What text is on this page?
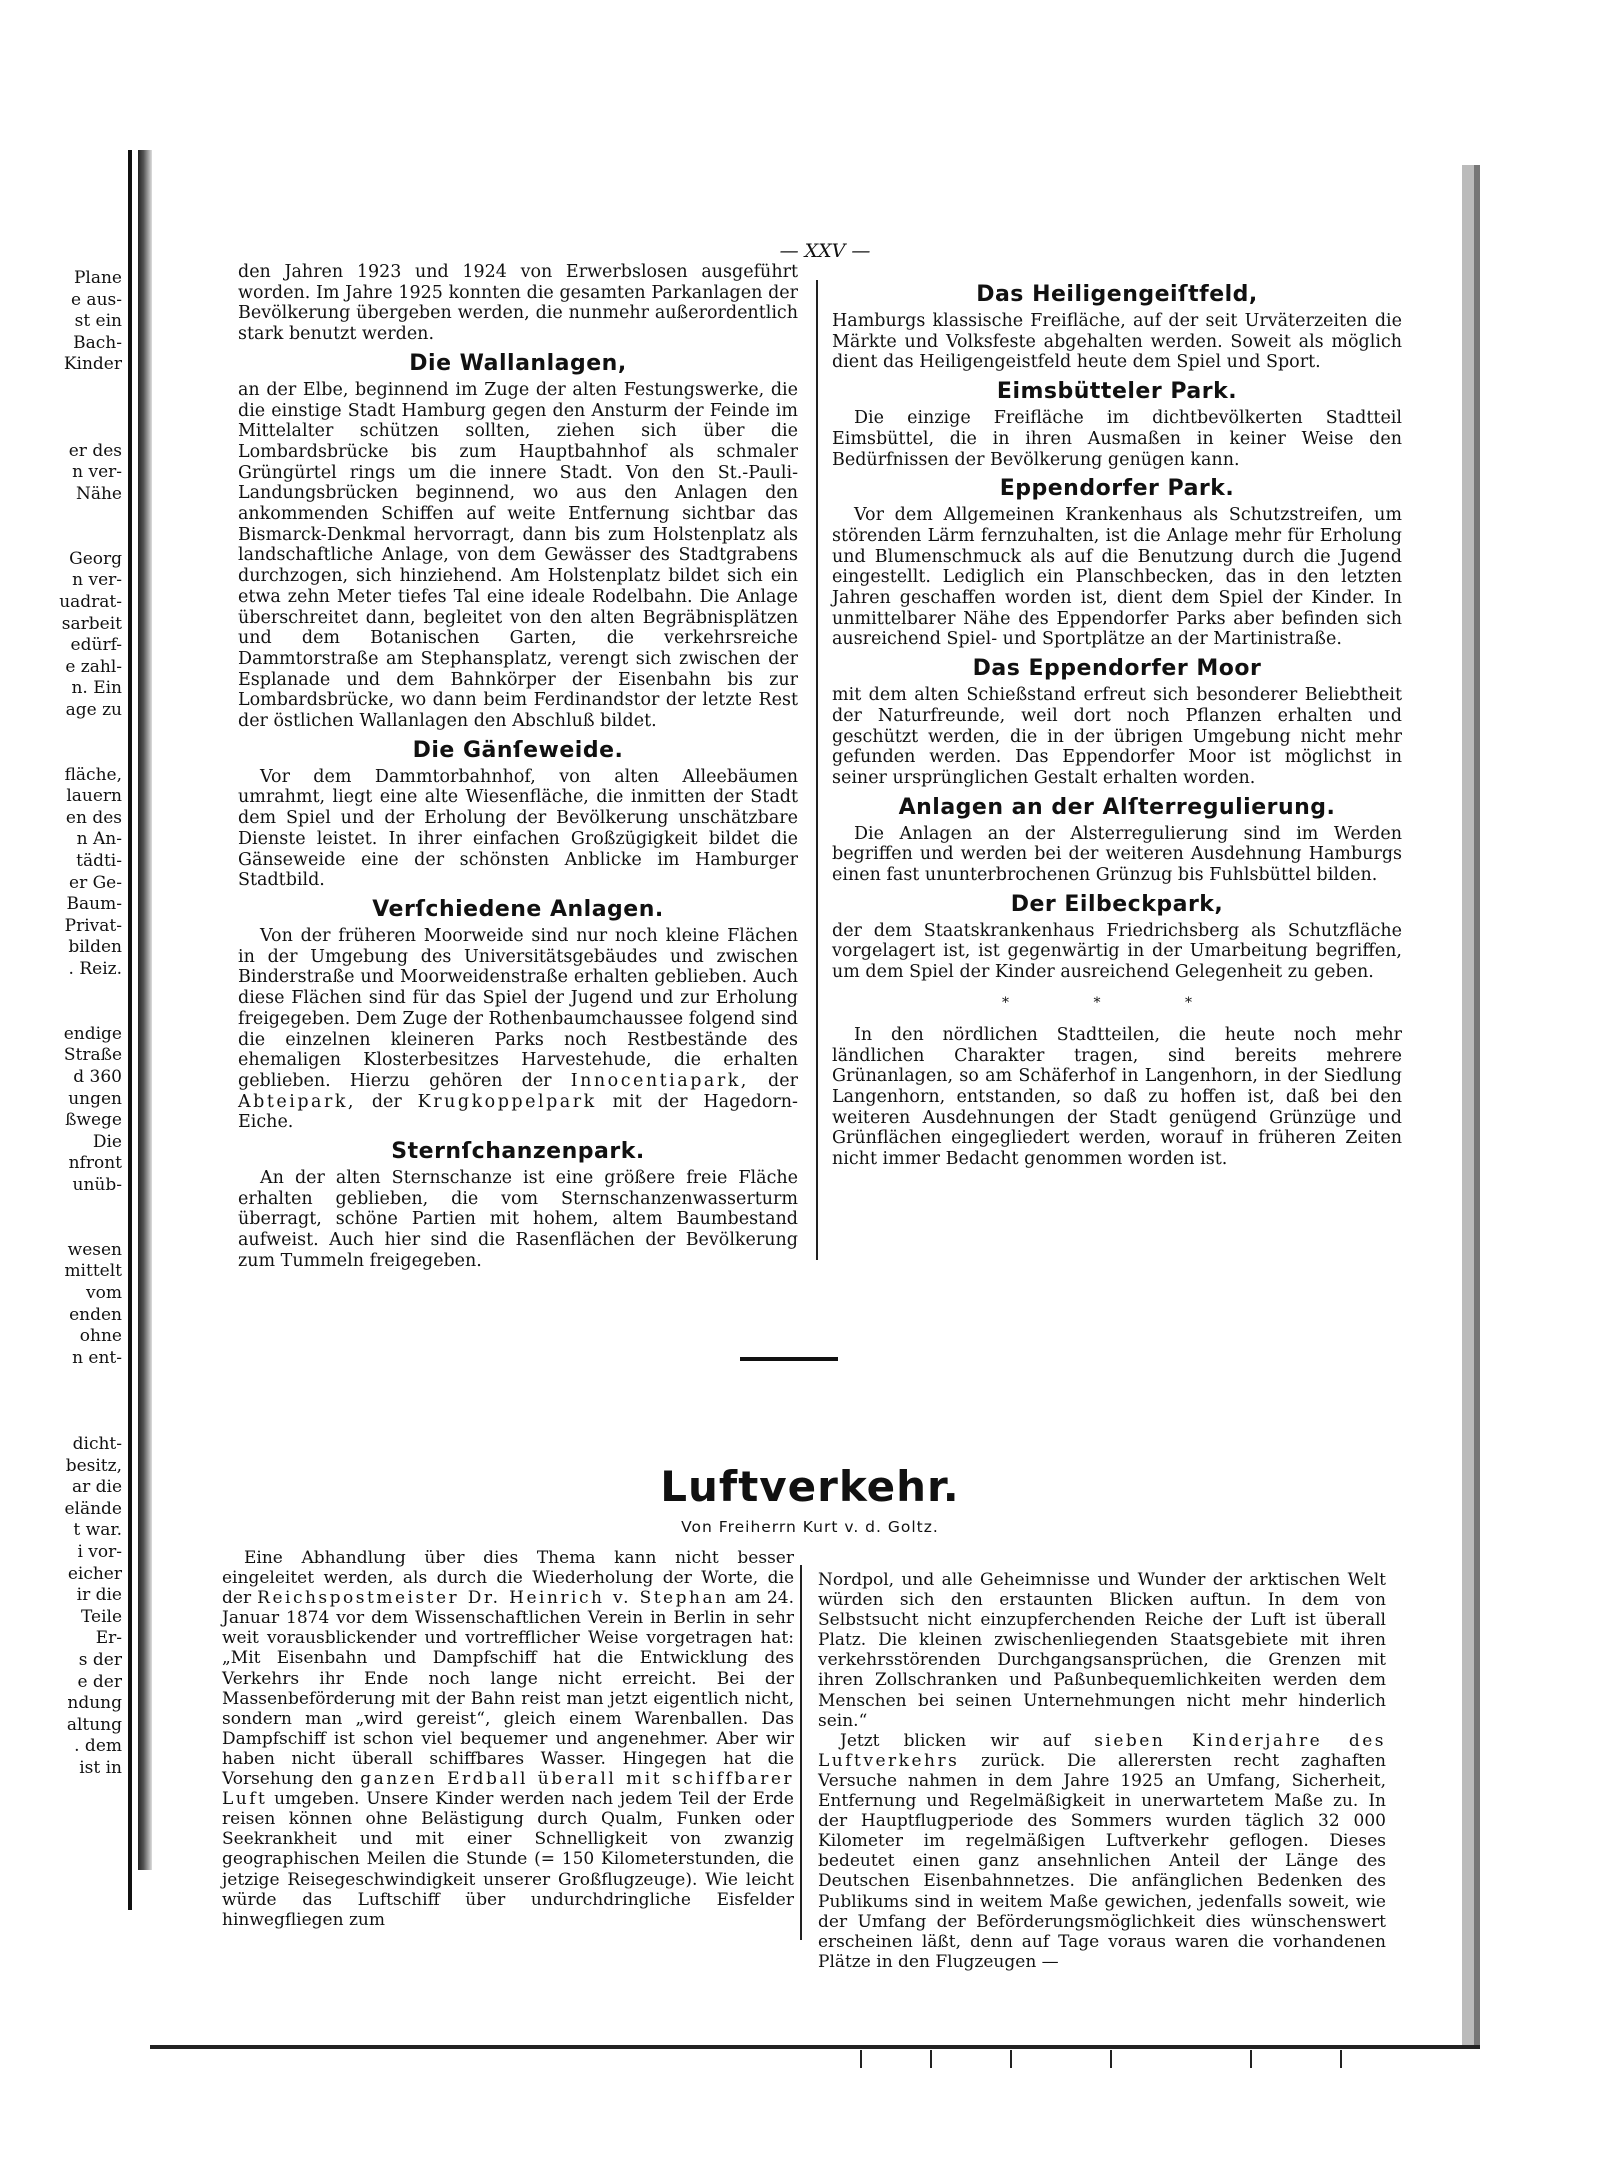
Plane
e aus-
st ein
Bach-
Kinder
er des
n ver-
Nähe
Georg
n ver-
uadrat-
sarbeit
edürf-
e zahl-
n. Ein
age zu
fläche,
lauern
en des
n An-
tädti-
er Ge-
Baum-
Privat-
bilden
. Reiz.
endige
Straße
d 360
ungen
ßwege
Die
nfront
unüb-
wesen
mittelt
vom
enden
ohne
n ent-
dicht-
besitz,
ar die
elände
t war.
i vor-
eicher
ir die
Teile
Er-
s der
e der
ndung
altung
. dem
ist in
— XXV —

den Jahren 1923 und 1924 von Erwerbslosen ausgeführt worden. Im Jahre 1925 konnten die gesamten Parkanlagen der Bevölkerung übergeben werden, die nunmehr außerordentlich stark benutzt werden.

Die Wallanlagen,

an der Elbe, beginnend im Zuge der alten Festungswerke, die die einstige Stadt Hamburg gegen den Ansturm der Feinde im Mittelalter schützen sollten, ziehen sich über die Lombardsbrücke bis zum Hauptbahnhof als schmaler Grüngürtel rings um die innere Stadt. Von den St.-Pauli-Landungsbrücken beginnend, wo aus den Anlagen den ankommenden Schiffen auf weite Entfernung sichtbar das Bismarck-Denkmal hervorragt, dann bis zum Holstenplatz als landschaftliche Anlage, von dem Gewässer des Stadtgrabens durchzogen, sich hinziehend. Am Holstenplatz bildet sich ein etwa zehn Meter tiefes Tal eine ideale Rodelbahn. Die Anlage überschreitet dann, begleitet von den alten Begräbnisplätzen und dem Botanischen Garten, die verkehrsreiche Dammtorstraße am Stephansplatz, verengt sich zwischen der Esplanade und dem Bahnkörper der Eisenbahn bis zur Lombardsbrücke, wo dann beim Ferdinandstor der letzte Rest der östlichen Wallanlagen den Abschluß bildet.

Die Gänſeweide.

Vor dem Dammtorbahnhof, von alten Alleebäumen umrahmt, liegt eine alte Wiesenfläche, die inmitten der Stadt dem Spiel und der Erholung der Bevölkerung unschätzbare Dienste leistet. In ihrer einfachen Großzügigkeit bildet die Gänseweide eine der schönsten Anblicke im Hamburger Stadtbild.

Verſchiedene Anlagen.

Von der früheren Moorweide sind nur noch kleine Flächen in der Umgebung des Universitätsgebäudes und zwischen Binderstraße und Moorweidenstraße erhalten geblieben. Auch diese Flächen sind für das Spiel der Jugend und zur Erholung freigegeben. Dem Zuge der Rothenbaumchaussee folgend sind die einzelnen kleineren Parks noch Restbestände des ehemaligen Klosterbesitzes Harvestehude, die erhalten geblieben. Hierzu gehören der Innocentiapark, der Abteipark, der Krugkoppelpark mit der Hagedorn-Eiche.

Sternſchanzenpark.

An der alten Sternschanze ist eine größere freie Fläche erhalten geblieben, die vom Sternschanzenwasserturm überragt, schöne Partien mit hohem, altem Baumbestand aufweist. Auch hier sind die Rasenflächen der Bevölkerung zum Tummeln freigegeben.

Das Heiligengeiſtfeld,

Hamburgs klassische Freifläche, auf der seit Urväterzeiten die Märkte und Volksfeste abgehalten werden. Soweit als möglich dient das Heiligengeistfeld heute dem Spiel und Sport.

Eimsbütteler Park.

Die einzige Freifläche im dichtbevölkerten Stadtteil Eimsbüttel, die in ihren Ausmaßen in keiner Weise den Bedürfnissen der Bevölkerung genügen kann.

Eppendorfer Park.

Vor dem Allgemeinen Krankenhaus als Schutzstreifen, um störenden Lärm fernzuhalten, ist die Anlage mehr für Erholung und Blumenschmuck als auf die Benutzung durch die Jugend eingestellt. Lediglich ein Planschbecken, das in den letzten Jahren geschaffen worden ist, dient dem Spiel der Kinder. In unmittelbarer Nähe des Eppendorfer Parks aber befinden sich ausreichend Spiel- und Sportplätze an der Martinistraße.

Das Eppendorfer Moor

mit dem alten Schießstand erfreut sich besonderer Beliebtheit der Naturfreunde, weil dort noch Pflanzen erhalten und geschützt werden, die in der übrigen Umgebung nicht mehr gefunden werden. Das Eppendorfer Moor ist möglichst in seiner ursprünglichen Gestalt erhalten worden.

Anlagen an der Alſterregulierung.

Die Anlagen an der Alsterregulierung sind im Werden begriffen und werden bei der weiteren Ausdehnung Hamburgs einen fast ununterbrochenen Grünzug bis Fuhlsbüttel bilden.

Der Eilbeckpark,

der dem Staatskrankenhaus Friedrichsberg als Schutzfläche vorgelagert ist, ist gegenwärtig in der Umarbeitung begriffen, um dem Spiel der Kinder ausreichend Gelegenheit zu geben.

* * *

In den nördlichen Stadtteilen, die heute noch mehr ländlichen Charakter tragen, sind bereits mehrere Grünanlagen, so am Schäferhof in Langenhorn, in der Siedlung Langenhorn, entstanden, so daß zu hoffen ist, daß bei den weiteren Ausdehnungen der Stadt genügend Grünzüge und Grünflächen eingegliedert werden, worauf in früheren Zeiten nicht immer Bedacht genommen worden ist.

Luftverkehr.
Von Freiherrn Kurt v. d. Goltz.

Eine Abhandlung über dies Thema kann nicht besser eingeleitet werden, als durch die Wiederholung der Worte, die der Reichspostmeister Dr. Heinrich v. Stephan am 24. Januar 1874 vor dem Wissenschaftlichen Verein in Berlin in sehr weit vorausblickender und vortrefflicher Weise vorgetragen hat: „Mit Eisenbahn und Dampfschiff hat die Entwicklung des Verkehrs ihr Ende noch lange nicht erreicht. Bei der Massenbeförderung mit der Bahn reist man jetzt eigentlich nicht, sondern man „wird gereist“, gleich einem Warenballen. Das Dampfschiff ist schon viel bequemer und angenehmer. Aber wir haben nicht überall schiffbares Wasser. Hingegen hat die Vorsehung den ganzen Erdball überall mit schiffbarer Luft umgeben. Unsere Kinder werden nach jedem Teil der Erde reisen können ohne Belästigung durch Qualm, Funken oder Seekrankheit und mit einer Schnelligkeit von zwanzig geographischen Meilen die Stunde (= 150 Kilometerstunden, die jetzige Reisegeschwindigkeit unserer Großflugzeuge). Wie leicht würde das Luftschiff über undurchdringliche Eisfelder hinwegfliegen zum

Nordpol, und alle Geheimnisse und Wunder der arktischen Welt würden sich den erstaunten Blicken auftun. In dem von Selbstsucht nicht einzupferchenden Reiche der Luft ist überall Platz. Die kleinen zwischenliegenden Staatsgebiete mit ihren verkehrsstörenden Durchgangsansprüchen, die Grenzen mit ihren Zollschranken und Paßunbequemlichkeiten werden dem Menschen bei seinen Unternehmungen nicht mehr hinderlich sein.“

Jetzt blicken wir auf sieben Kinderjahre des Luftverkehrs zurück. Die allerersten recht zaghaften Versuche nahmen in dem Jahre 1925 an Umfang, Sicherheit, Entfernung und Regelmäßigkeit in unerwartetem Maße zu. In der Hauptflugperiode des Sommers wurden täglich 32 000 Kilometer im regelmäßigen Luftverkehr geflogen. Dieses bedeutet einen ganz ansehnlichen Anteil der Länge des Deutschen Eisenbahnnetzes. Die anfänglichen Bedenken des Publikums sind in weitem Maße gewichen, jedenfalls soweit, wie der Umfang der Beförderungsmöglichkeit dies wünschenswert erscheinen läßt, denn auf Tage voraus waren die vorhandenen Plätze in den Flugzeugen —
